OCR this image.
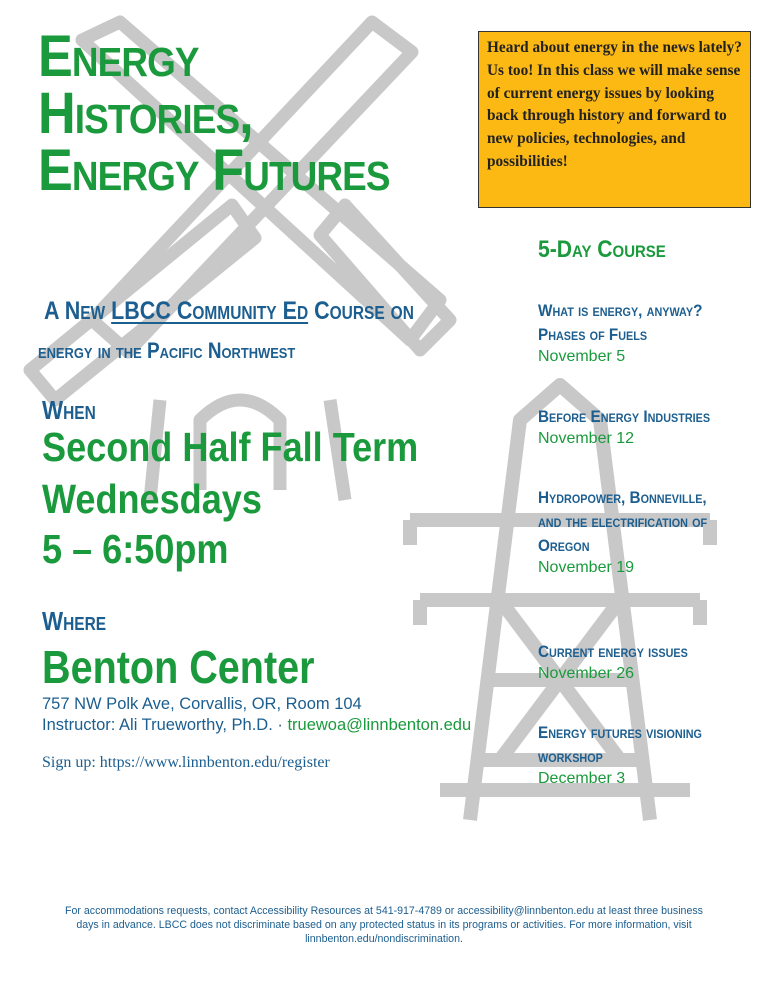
Energy
Histories,
Energy Futures
A New LBCC Community Ed Course on
energy in the Pacific Northwest
When
Second Half Fall Term
Wednesdays
5 – 6:50pm
Where
Benton Center
757 NW Polk Ave, Corvallis, OR, Room 104
Instructor: Ali Trueworthy, Ph.D. · truewoa@linnbenton.edu
Sign up: https://www.linnbenton.edu/register
Heard about energy in the news lately? Us too! In this class we will make sense of current energy issues by looking back through history and forward to new policies, technologies, and possibilities!
5-Day Course
What is energy, anyway?
Phases of Fuels
November 5
Before Energy Industries
November 12
Hydropower, Bonneville,
and the electrification of
Oregon
November 19
Current energy issues
November 26
Energy futures visioning
workshop
December 3
For accommodations requests, contact Accessibility Resources at 541-917-4789 or accessibility@linnbenton.edu at least three business days in advance. LBCC does not discriminate based on any protected status in its programs or activities. For more information, visit linnbenton.edu/nondiscrimination.
